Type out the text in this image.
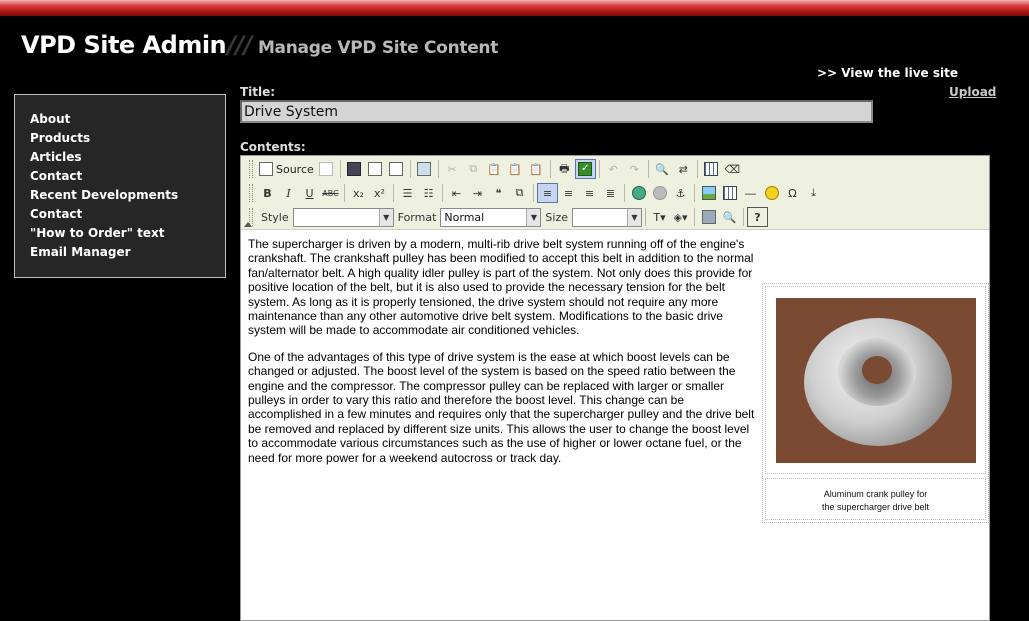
VPD Site Admin/// Manage VPD Site Content
>> View the live site
Upload
About
Products
Articles
Contact
Recent Developments
Contact
"How to Order" text
Email Manager
Title:
Drive System
Contents:
Source	✂	⧉ 📋 📋 📋	🖶	✓	↶	↷	🔍 ⇄	⌫
B	I	U	ABC	x₂ x²	☰	☷	⇤	⇥	❝	⧉	≡	≡	≡	≣	⚓	―	Ω	⤓
Style	▼ Format Normal	▼ Size	▼	T▾ ◈▾	🔍	?

Aluminum crank pulley for
the supercharger drive belt

The supercharger is driven by a modern, multi-rib drive belt system running off of the engine's crankshaft. The crankshaft pulley has been modified to accept this belt in addition to the normal fan/alternator belt. A high quality idler pulley is part of the system. Not only does this provide for positive location of the belt, but it is also used to provide the necessary tension for the belt system. As long as it is properly tensioned, the drive system should not require any more maintenance than any other automotive drive belt system. Modifications to the basic drive system will be made to accommodate air conditioned vehicles.

One of the advantages of this type of drive system is the ease at which boost levels can be changed or adjusted. The boost level of the system is based on the speed ratio between the engine and the compressor. The compressor pulley can be replaced with larger or smaller pulleys in order to vary this ratio and therefore the boost level. This change can be accomplished in a few minutes and requires only that the supercharger pulley and the drive belt be removed and replaced by different size units. This allows the user to change the boost level to accommodate various circumstances such as the use of higher or lower octane fuel, or the need for more power for a weekend autocross or track day.
